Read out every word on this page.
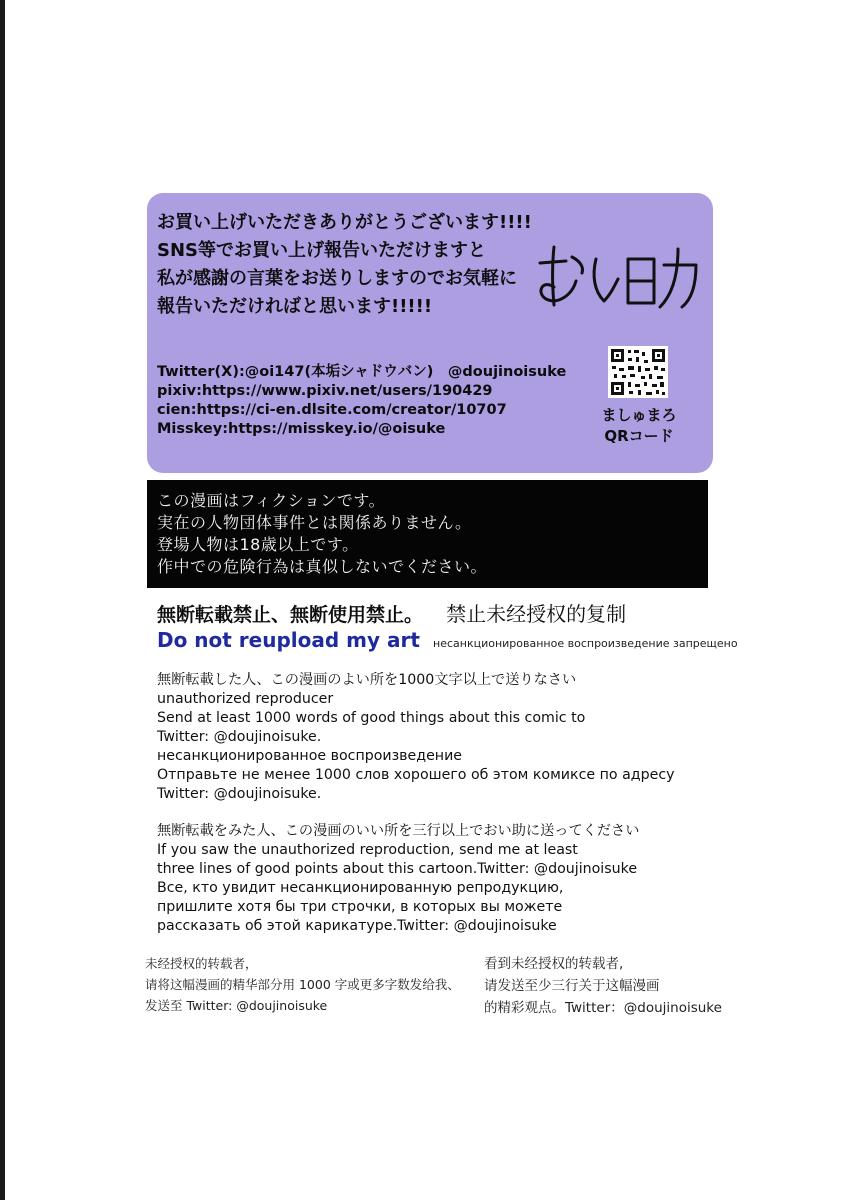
お買い上げいただきありがとうございます!!!!
SNS等でお買い上げ報告いただけますと
私が感謝の言葉をお送りしますのでお気軽に
報告いただければと思います!!!!!
Twitter(X):@oi147(本垢シャドウバン)　@doujinoisuke
pixiv:https://www.pixiv.net/users/190429
cien:https://ci-en.dlsite.com/creator/10707
Misskey:https://misskey.io/@oisuke
ましゅまろ
QRコード
この漫画はフィクションです。
実在の人物団体事件とは関係ありません。
登場人物は18歳以上です。
作中での危険行為は真似しないでください。
無断転載禁止、無断使用禁止。 禁止未经授权的复制
Do not reupload my art несанкционированное воспроизведение запрещено
無断転載した人、この漫画のよい所を1000文字以上で送りなさい
unauthorized reproducer
Send at least 1000 words of good things about this comic to
Twitter: @doujinoisuke.
несанкционированное воспроизведение
Отправьте не менее 1000 слов хорошего об этом комиксе по адресу
Twitter: @doujinoisuke.
無断転載をみた人、この漫画のいい所を三行以上でおい助に送ってください
If you saw the unauthorized reproduction, send me at least
three lines of good points about this cartoon.Twitter: @doujinoisuke
Все, кто увидит несанкционированную репродукцию,
пришлите хотя бы три строчки, в которых вы можете
рассказать об этой карикатуре.Twitter: @doujinoisuke
未经授权的转载者，
请将这幅漫画的精华部分用 1000 字或更多字数发给我、
发送至 Twitter: @doujinoisuke
看到未经授权的转载者,
请发送至少三行关于这幅漫画
的精彩观点。Twitter：@doujinoisuke
